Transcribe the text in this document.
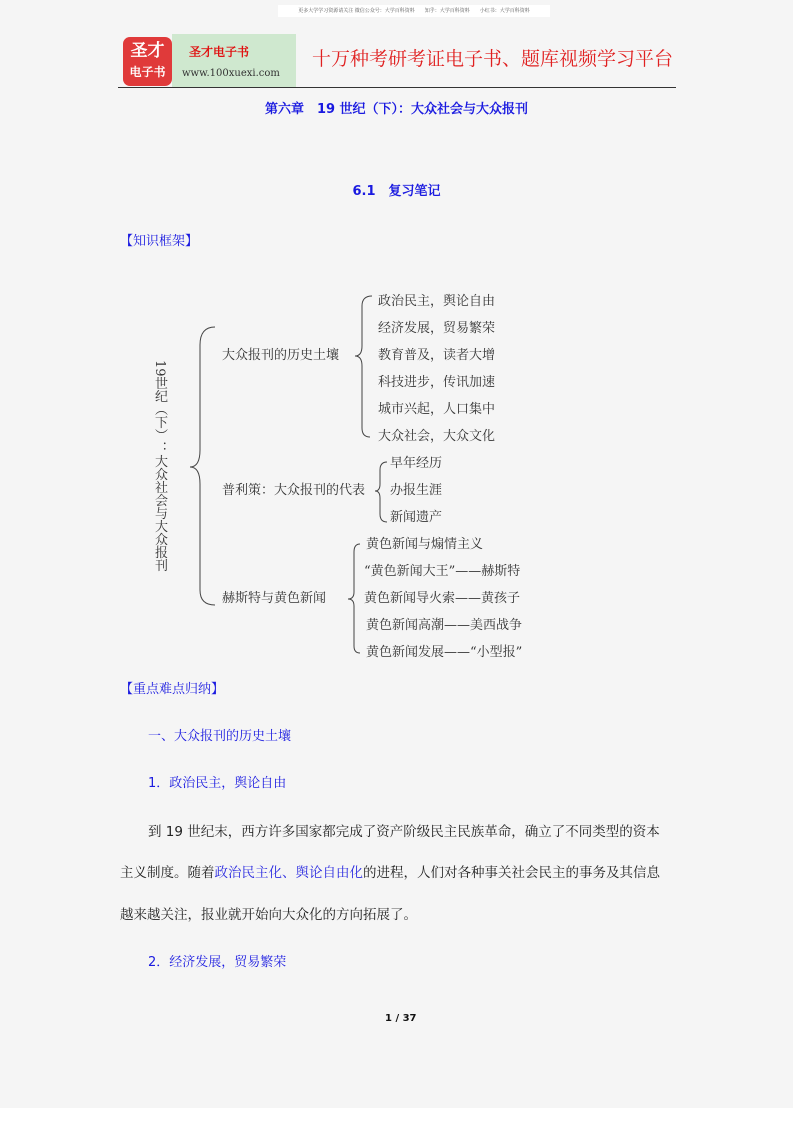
更多大学学习资源请关注 微信公众号：大学百科资料　　知乎：大学百科资料　　小红书：大学百科资料
圣才
电子书
圣才电子书
www.100xuexi.com
十万种考研考证电子书、题库视频学习平台
第六章　19 世纪（下）：大众社会与大众报刊
6.1　复习笔记
【知识框架】
19世纪（下）：大众社会与大众报刊
大众报刊的历史土壤
政治民主，舆论自由
经济发展，贸易繁荣
教育普及，读者大增
科技进步，传讯加速
城市兴起，人口集中
大众社会，大众文化
普利策：大众报刊的代表
早年经历
办报生涯
新闻遗产
赫斯特与黄色新闻
黄色新闻与煽情主义
“黄色新闻大王”——赫斯特
黄色新闻导火索——黄孩子
黄色新闻高潮——美西战争
黄色新闻发展——“小型报”
【重点难点归纳】
一、大众报刊的历史土壤
1．政治民主，舆论自由
到 19 世纪末，西方许多国家都完成了资产阶级民主民族革命，确立了不同类型的资本
主义制度。随着政治民主化、舆论自由化的进程，人们对各种事关社会民主的事务及其信息
越来越关注，报业就开始向大众化的方向拓展了。
2．经济发展，贸易繁荣
1 / 37
